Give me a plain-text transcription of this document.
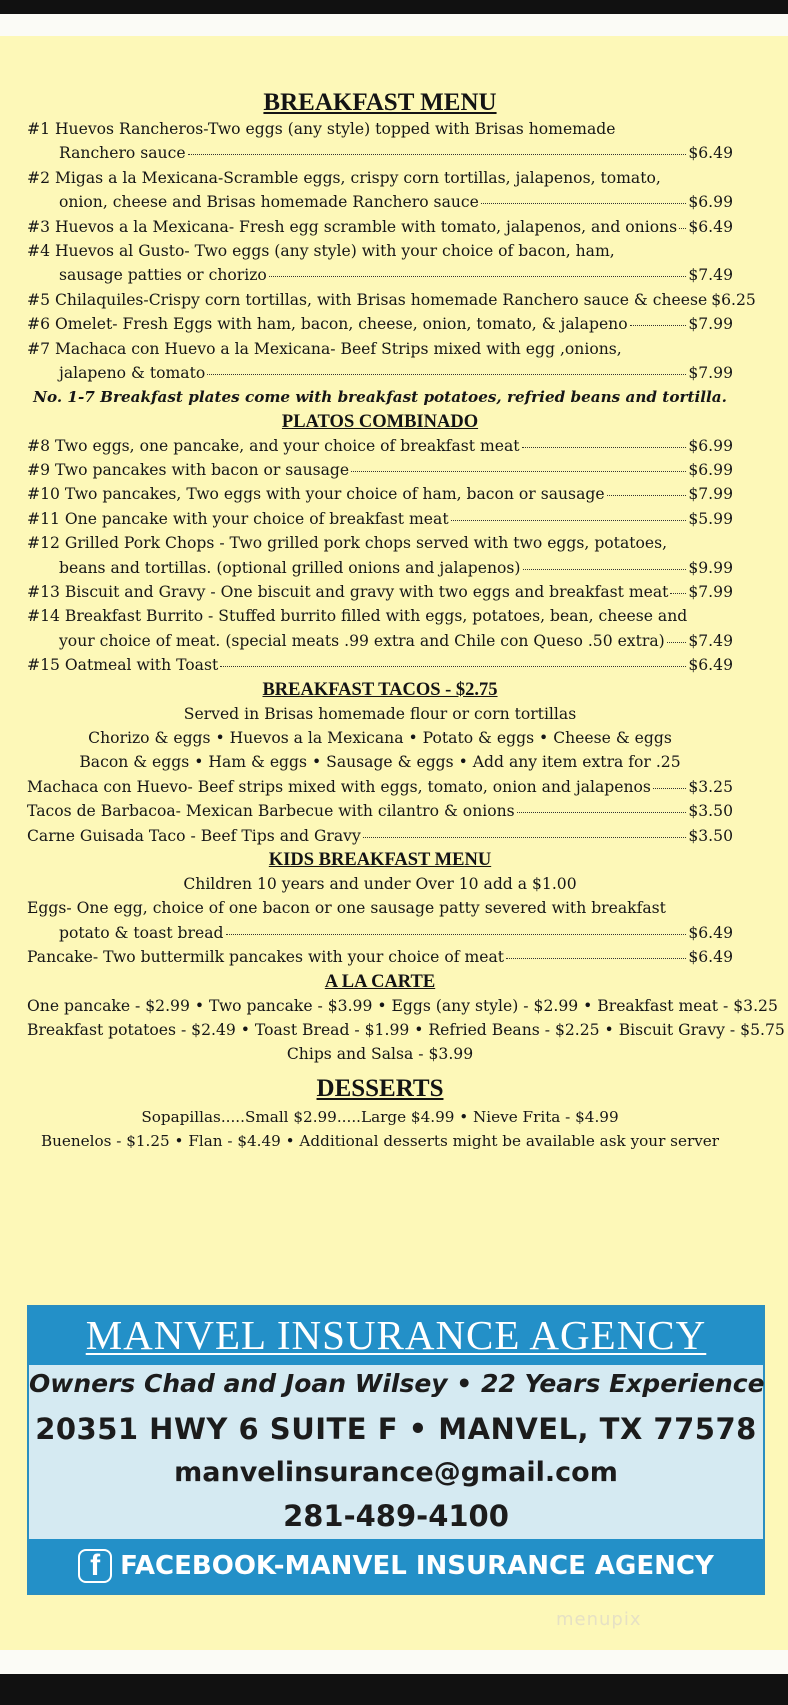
BREAKFAST MENU
#1 Huevos Rancheros-Two eggs (any style) topped with Brisas homemade
Ranchero sauce	$6.49
#2 Migas a la Mexicana-Scramble eggs, crispy corn tortillas, jalapenos, tomato,
onion, cheese and Brisas homemade Ranchero sauce	$6.99
#3 Huevos a la Mexicana- Fresh egg scramble with tomato, jalapenos, and onions $6.49
#4 Huevos al Gusto- Two eggs (any style) with your choice of bacon, ham,
sausage patties or chorizo	$7.49
#5 Chilaquiles-Crispy corn tortillas, with Brisas homemade Ranchero sauce & cheese $6.25
#6 Omelet- Fresh Eggs with ham, bacon, cheese, onion, tomato, & jalapeno	$7.99
#7 Machaca con Huevo a la Mexicana- Beef Strips mixed with egg ,onions,
jalapeno & tomato	$7.99
No. 1-7 Breakfast plates come with breakfast potatoes, refried beans and tortilla.
PLATOS COMBINADO
#8 Two eggs, one pancake, and your choice of breakfast meat	$6.99
#9 Two pancakes with bacon or sausage	$6.99
#10 Two pancakes, Two eggs with your choice of ham, bacon or sausage	$7.99
#11 One pancake with your choice of breakfast meat	$5.99
#12 Grilled Pork Chops - Two grilled pork chops served with two eggs, potatoes,
beans and tortillas. (optional grilled onions and jalapenos)	$9.99
#13 Biscuit and Gravy - One biscuit and gravy with two eggs and breakfast meat $7.99
#14 Breakfast Burrito - Stuffed burrito filled with eggs, potatoes, bean, cheese and
your choice of meat. (special meats .99 extra and Chile con Queso .50 extra) $7.49
#15 Oatmeal with Toast	$6.49
BREAKFAST TACOS - $2.75
Served in Brisas homemade flour or corn tortillas
Chorizo & eggs • Huevos a la Mexicana • Potato & eggs • Cheese & eggs
Bacon & eggs • Ham & eggs • Sausage & eggs • Add any item extra for .25
Machaca con Huevo- Beef strips mixed with eggs, tomato, onion and jalapenos $3.25
Tacos de Barbacoa- Mexican Barbecue with cilantro & onions	$3.50
Carne Guisada Taco - Beef Tips and Gravy	$3.50
KIDS BREAKFAST MENU
Children 10 years and under Over 10 add a $1.00
Eggs- One egg, choice of one bacon or one sausage patty severed with breakfast
potato & toast bread	$6.49
Pancake- Two buttermilk pancakes with your choice of meat	$6.49
A LA CARTE
One pancake - $2.99 • Two pancake - $3.99 • Eggs (any style) - $2.99 • Breakfast meat - $3.25
Breakfast potatoes - $2.49 • Toast Bread - $1.99 • Refried Beans - $2.25 • Biscuit Gravy - $5.75
Chips and Salsa - $3.99
DESSERTS
Sopapillas.....Small $2.99.....Large $4.99 • Nieve Frita - $4.99
Buenelos - $1.25 • Flan - $4.49 • Additional desserts might be available ask your server
MANVEL INSURANCE AGENCY
Owners Chad and Joan Wilsey • 22 Years Experience
20351 HWY 6 SUITE F • MANVEL, TX 77578
manvelinsurance@gmail.com
281-489-4100
f FACEBOOK-MANVEL INSURANCE AGENCY
menupix
